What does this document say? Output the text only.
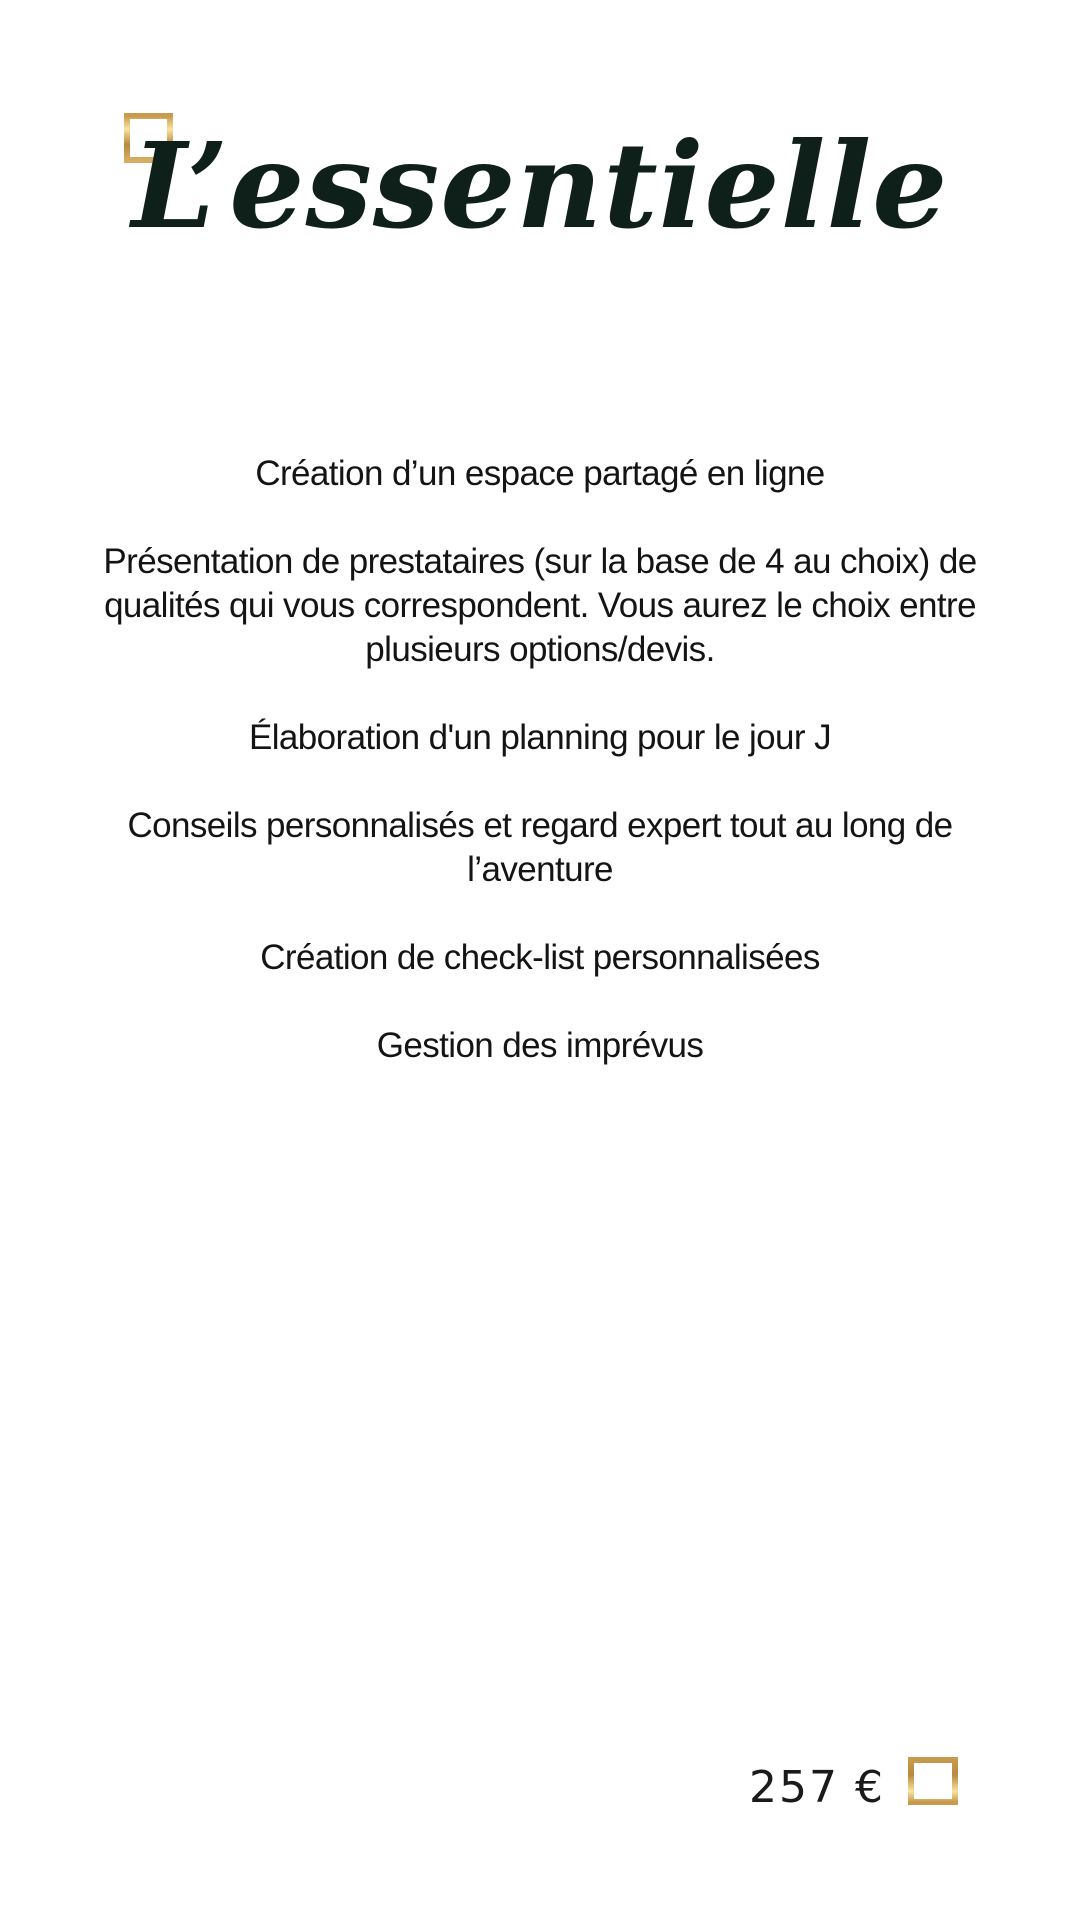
L’essentielle
Création d’un espace partagé en ligne
Présentation de prestataires (sur la base de 4 au choix) de qualités qui vous correspondent. Vous aurez le choix entre plusieurs options/devis.
Élaboration d'un planning pour le jour J
Conseils personnalisés et regard expert tout au long de l’aventure
Création de check-list personnalisées
Gestion des imprévus

257 €
